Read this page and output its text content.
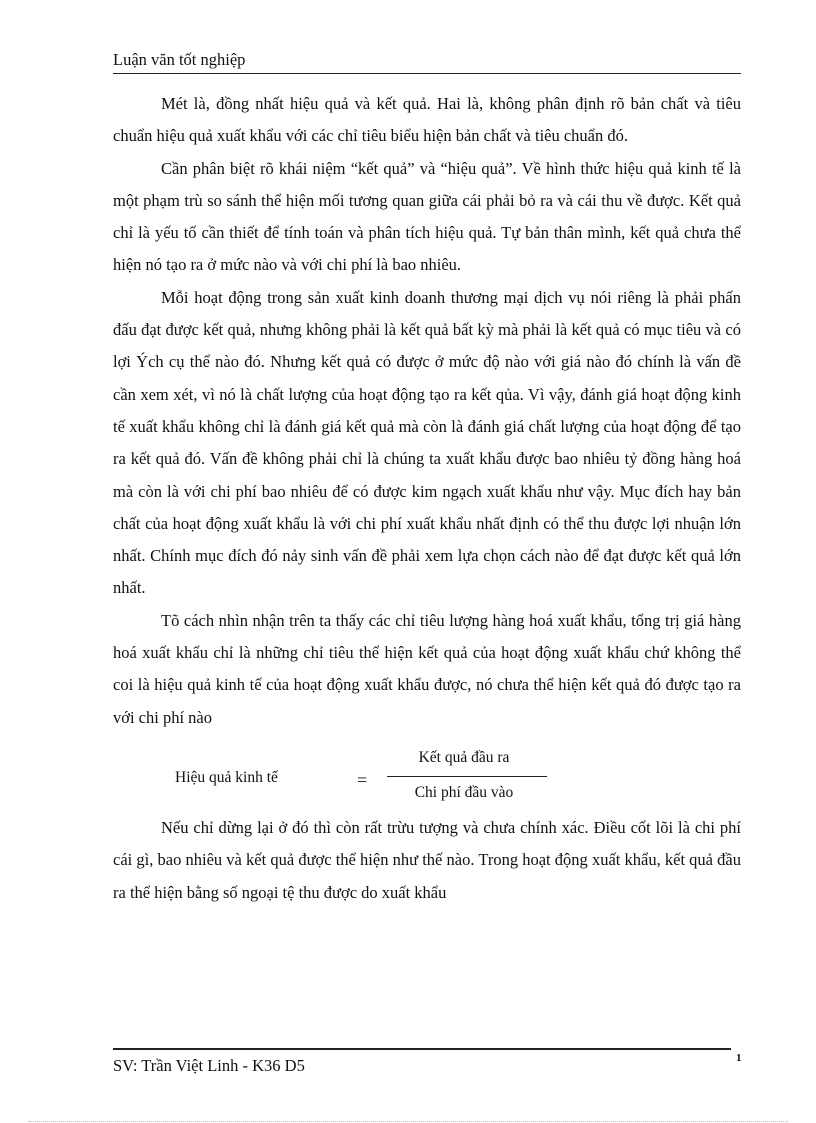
Luận văn tốt nghiệp

Mét là, đồng nhất hiệu quả và kết quả. Hai là, không phân định rõ bản chất và tiêu chuẩn hiệu quả xuất khẩu với các chỉ tiêu biểu hiện bản chất và tiêu chuẩn đó.

Cần phân biệt rõ khái niệm “kết quả” và “hiệu quả”. Về hình thức hiệu quả kinh tế là một phạm trù so sánh thể hiện mối tương quan giữa cái phải bỏ ra và cái thu về được. Kết quả chỉ là yếu tố cần thiết để tính toán và phân tích hiệu quả. Tự bản thân mình, kết quả chưa thể hiện nó tạo ra ở mức nào và với chi phí là bao nhiêu.

Mỗi hoạt động trong sản xuất kinh doanh thương mại dịch vụ nói riêng là phải phấn đấu đạt được kết quả, nhưng không phải là kết quả bất kỳ mà phải là kết quả có mục tiêu và có lợi Ých cụ thể nào đó. Nhưng kết quả có được ở mức độ nào với giá nào đó chính là vấn đề cần xem xét, vì nó là chất lượng của hoạt động tạo ra kết qủa. Vì vậy, đánh giá hoạt động kinh tế xuất khẩu không chỉ là đánh giá kết quả mà còn là đánh giá chất lượng của hoạt động để tạo ra kết quả đó. Vấn đề không phải chỉ là chúng ta xuất khẩu được bao nhiêu tỷ đồng hàng hoá mà còn là với chi phí bao nhiêu để có được kim ngạch xuất khẩu như vậy. Mục đích hay bản chất của hoạt động xuất khẩu là với chi phí xuất khẩu nhất định có thể thu được lợi nhuận lớn nhất. Chính mục đích đó nảy sinh vấn đề phải xem lựa chọn cách nào để đạt được kết quả lớn nhất.

Tõ cách nhìn nhận trên ta thấy các chỉ tiêu lượng hàng hoá xuất khẩu, tổng trị giá hàng hoá xuất khẩu chỉ là những chỉ tiêu thể hiện kết quả của hoạt động xuất khẩu chứ không thể coi là hiệu quả kinh tế của hoạt động xuất khẩu được, nó chưa thể hiện kết quả đó được tạo ra với chi phí nào

Hiệu quả kinh tế	=
Kết quả đầu ra
Chi phí đầu vào

Nếu chỉ dừng lại ở đó thì còn rất trừu tượng và chưa chính xác. Điều cốt lõi là chi phí cái gì, bao nhiêu và kết quả được thể hiện như thế nào. Trong hoạt động xuất khẩu, kết quả đầu ra thể hiện bằng số ngoại tệ thu được do xuất khẩu

SV: Trần Việt Linh - K36 D5	1
